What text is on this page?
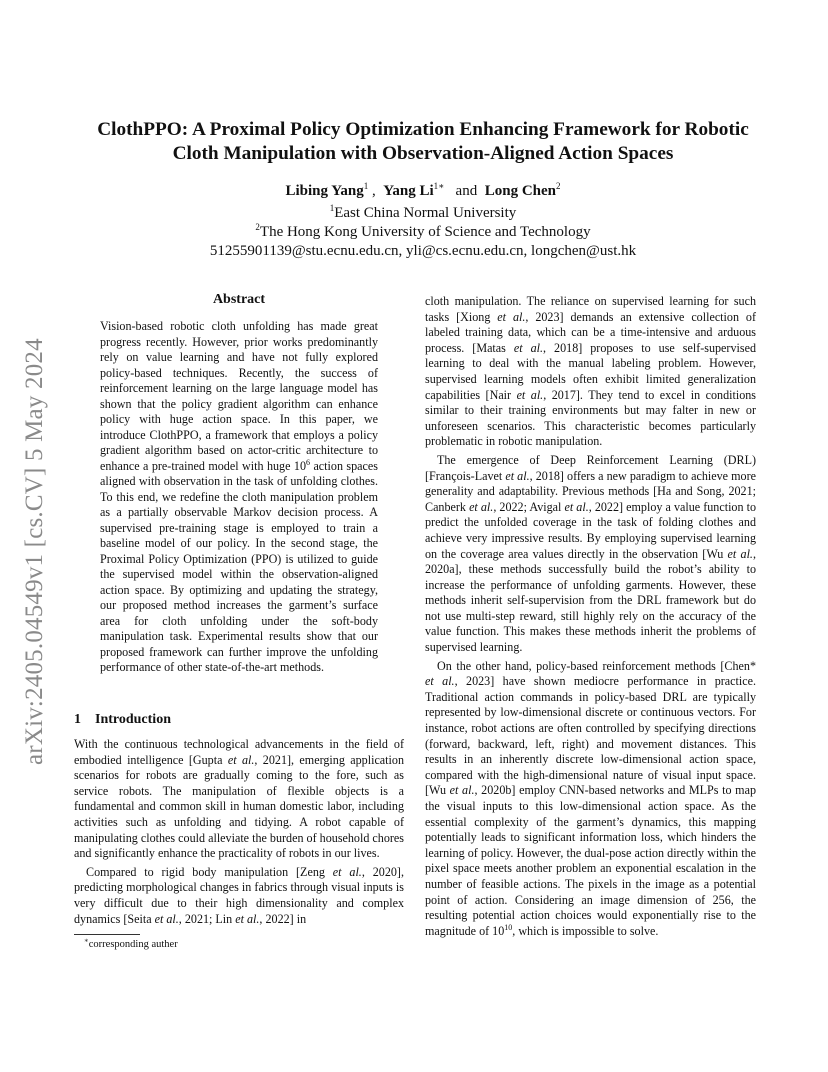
arXiv:2405.04549v1 [cs.CV] 5 May 2024
ClothPPO: A Proximal Policy Optimization Enhancing Framework for Robotic
Cloth Manipulation with Observation-Aligned Action Spaces
Libing Yang$^1$ , Yang $Li^{1∗}$ and Long Chen$^2$
$^1$East China Normal University
$^2$The Hong Kong University of Science and Technology
51255901139@stu.ecnu.edu.cn, yli@cs.ecnu.edu.cn, longchen@ust.hk
Abstract
Vision-based robotic cloth unfolding has made great progress recently. However, prior works predominantly rely on value learning and have not fully explored policy-based techniques. Recently, the success of reinforcement learning on the large language model has shown that the policy gradient algorithm can enhance policy with huge action space. In this paper, we introduce ClothPPO, a framework that employs a policy gradient algorithm based on actor-critic architecture to enhance a pre-trained model with huge $10^6$ action spaces aligned with observation in the task of unfolding clothes. To this end, we redefine the cloth manipulation problem as a partially observable Markov decision process. A supervised pre-training stage is employed to train a baseline model of our policy. In the second stage, the Proximal Policy Optimization (PPO) is utilized to guide the supervised model within the observation-aligned action space. By optimizing and updating the strategy, our proposed method increases the garment’s surface area for cloth unfolding under the soft-body manipulation task. Experimental results show that our proposed framework can further improve the unfolding performance of other state-of-the-art methods.
1 Introduction

With the continuous technological advancements in the field of embodied intelligence [Gupta et al., 2021], emerging application scenarios for robots are gradually coming to the fore, such as service robots. The manipulation of flexible objects is a fundamental and common skill in human domestic labor, including activities such as unfolding and tidying. A robot capable of manipulating clothes could alleviate the burden of household chores and significantly enhance the practicality of robots in our lives.

Compared to rigid body manipulation [Zeng et al., 2020], predicting morphological changes in fabrics through visual inputs is very difficult due to their high dimensionality and complex dynamics [Seita et al., 2021; Lin et al., 2022] in

∗corresponding auther

cloth manipulation. The reliance on supervised learning for such tasks [Xiong et al., 2023] demands an extensive collection of labeled training data, which can be a time-intensive and arduous process. [Matas et al., 2018] proposes to use self-supervised learning to deal with the manual labeling problem. However, supervised learning models often exhibit limited generalization capabilities [Nair et al., 2017]. They tend to excel in conditions similar to their training environments but may falter in new or unforeseen scenarios. This characteristic becomes particularly problematic in robotic manipulation.

The emergence of Deep Reinforcement Learning (DRL) [François-Lavet et al., 2018] offers a new paradigm to achieve more generality and adaptability. Previous methods [Ha and Song, 2021; Canberk et al., 2022; Avigal et al., 2022] employ a value function to predict the unfolded coverage in the task of folding clothes and achieve very impressive results. By employing supervised learning on the coverage area values directly in the observation [Wu et al., 2020a], these methods successfully build the robot’s ability to increase the performance of unfolding garments. However, these methods inherit self-supervision from the DRL framework but do not use multi-step reward, still highly rely on the accuracy of the value function. This makes these methods inherit the problems of supervised learning.

On the other hand, policy-based reinforcement methods [Chen* et al., 2023] have shown mediocre performance in practice. Traditional action commands in policy-based DRL are typically represented by low-dimensional discrete or continuous vectors. For instance, robot actions are often controlled by specifying directions (forward, backward, left, right) and movement distances. This results in an inherently discrete low-dimensional action space, compared with the high-dimensional nature of visual input space. [Wu et al., 2020b] employ CNN-based networks and MLPs to map the visual inputs to this low-dimensional action space. As the essential complexity of the garment’s dynamics, this mapping potentially leads to significant information loss, which hinders the learning of policy. However, the dual-pose action directly within the pixel space meets another problem an exponential escalation in the number of feasible actions. The pixels in the image as a potential point of action. Considering an image dimension of 256, the resulting potential action choices would exponentially rise to the magnitude of $10^{10}$, which is impossible to solve.
